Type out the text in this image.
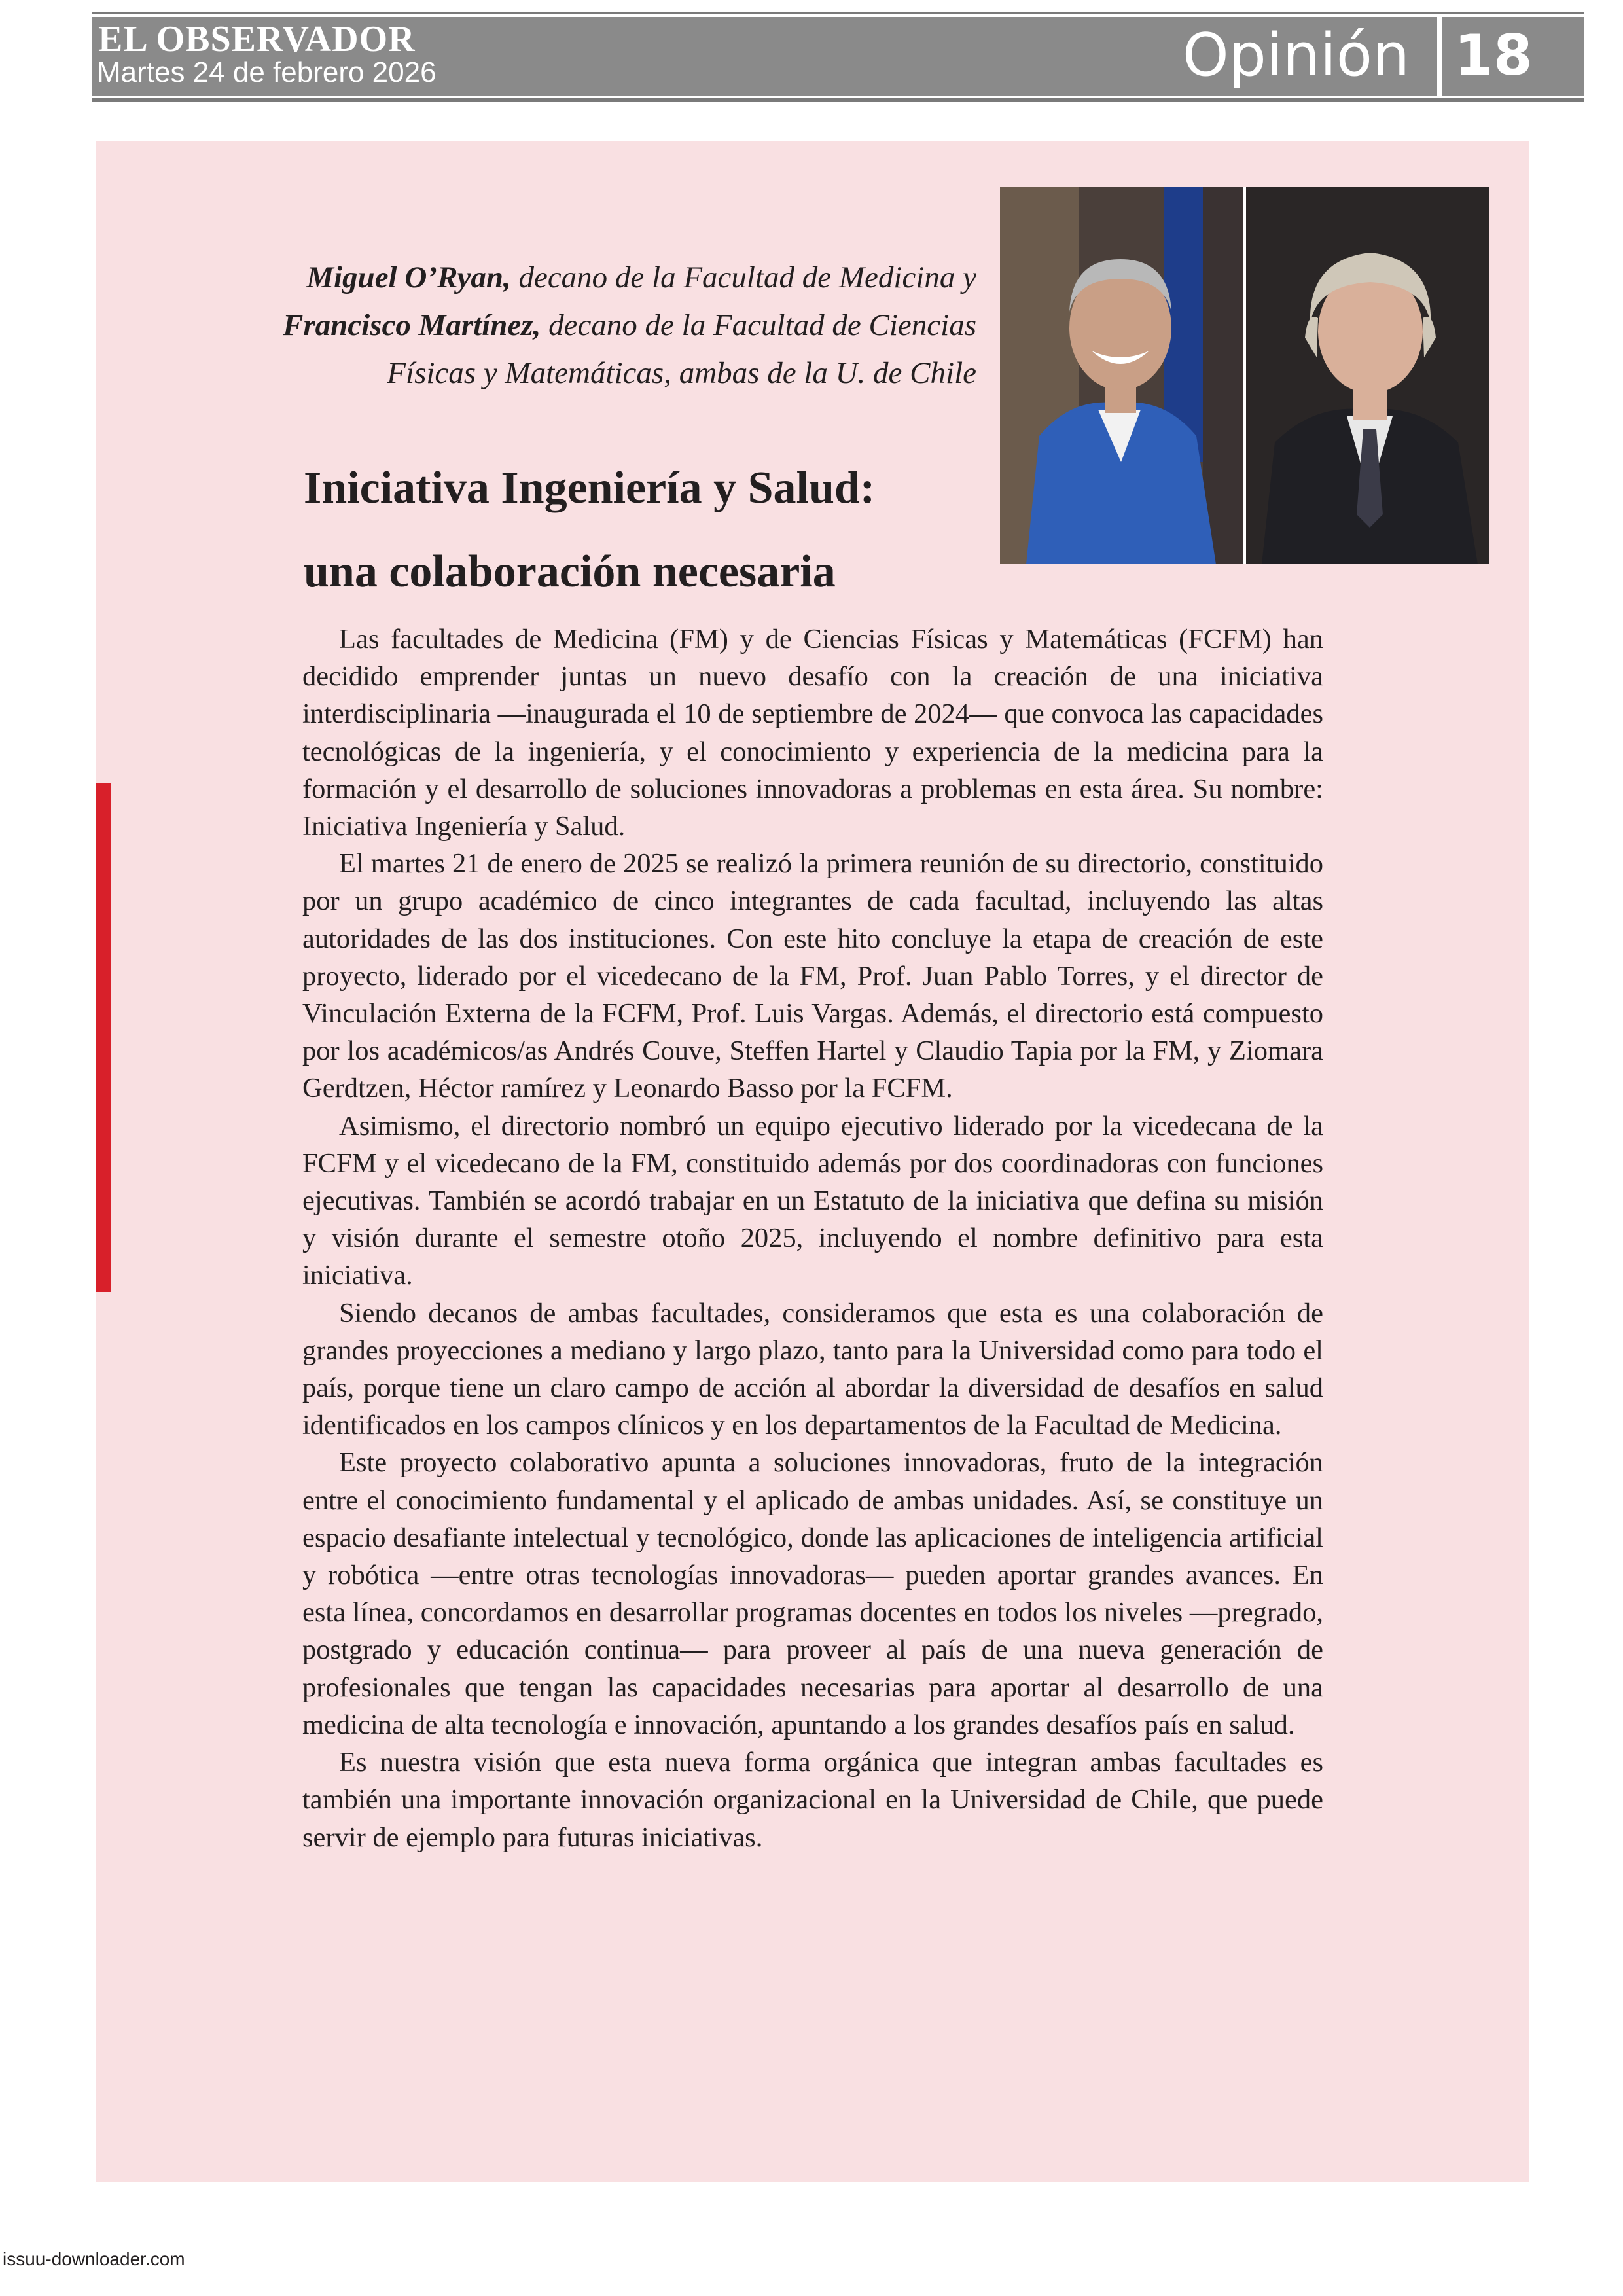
EL OBSERVADOR
Martes 24 de febrero 2026	Opinión 18
Miguel O’Ryan, decano de la Facultad de Medicina y
Francisco Martínez, decano de la Facultad de Ciencias
Físicas y Matemáticas, ambas de la U. de Chile
Iniciativa Ingeniería y Salud:
una colaboración necesaria

Las facultades de Medicina (FM) y de Ciencias Físicas y Matemáticas (FCFM) han decidido emprender juntas un nuevo desafío con la creación de una iniciativa interdisciplinaria —inaugurada el 10 de septiembre de 2024— que convoca las capacidades tecnológicas de la ingeniería, y el conocimiento y experiencia de la medicina para la formación y el desarrollo de soluciones innovadoras a problemas en esta área. Su nombre: Iniciativa Ingeniería y Salud.

El martes 21 de enero de 2025 se realizó la primera reunión de su directorio, constituido por un grupo académico de cinco integrantes de cada facultad, incluyendo las altas autoridades de las dos instituciones. Con este hito concluye la etapa de creación de este proyecto, liderado por el vicedecano de la FM, Prof. Juan Pablo Torres, y el director de Vinculación Externa de la FCFM, Prof. Luis Vargas. Además, el directorio está compuesto por los académicos/as Andrés Couve, Steffen Hartel y Claudio Tapia por la FM, y Ziomara Gerdtzen, Héctor ramírez y Leonardo Basso por la FCFM.

Asimismo, el directorio nombró un equipo ejecutivo liderado por la vicedecana de la FCFM y el vicedecano de la FM, constituido además por dos coordinadoras con funciones ejecutivas. También se acordó trabajar en un Estatuto de la iniciativa que defina su misión y visión durante el semestre otoño 2025, incluyendo el nombre definitivo para esta iniciativa.

Siendo decanos de ambas facultades, consideramos que esta es una colaboración de grandes proyecciones a mediano y largo plazo, tanto para la Universidad como para todo el país, porque tiene un claro campo de acción al abordar la diversidad de desafíos en salud identificados en los campos clínicos y en los departamentos de la Facultad de Medicina.

Este proyecto colaborativo apunta a soluciones innovadoras, fruto de la integración entre el conocimiento fundamental y el aplicado de ambas unidades. Así, se constituye un espacio desafiante intelectual y tecnológico, donde las aplicaciones de inteligencia artificial y robótica —entre otras tecnologías innovadoras— pueden aportar grandes avances. En esta línea, concordamos en desarrollar programas docentes en todos los niveles —pregrado, postgrado y educación continua— para proveer al país de una nueva generación de profesionales que tengan las capacidades necesarias para aportar al desarrollo de una medicina de alta tecnología e innovación, apuntando a los grandes desafíos país en salud.

Es nuestra visión que esta nueva forma orgánica que integran ambas facultades es también una importante innovación organizacional en la Universidad de Chile, que puede servir de ejemplo para futuras iniciativas.

issuu-downloader.com
